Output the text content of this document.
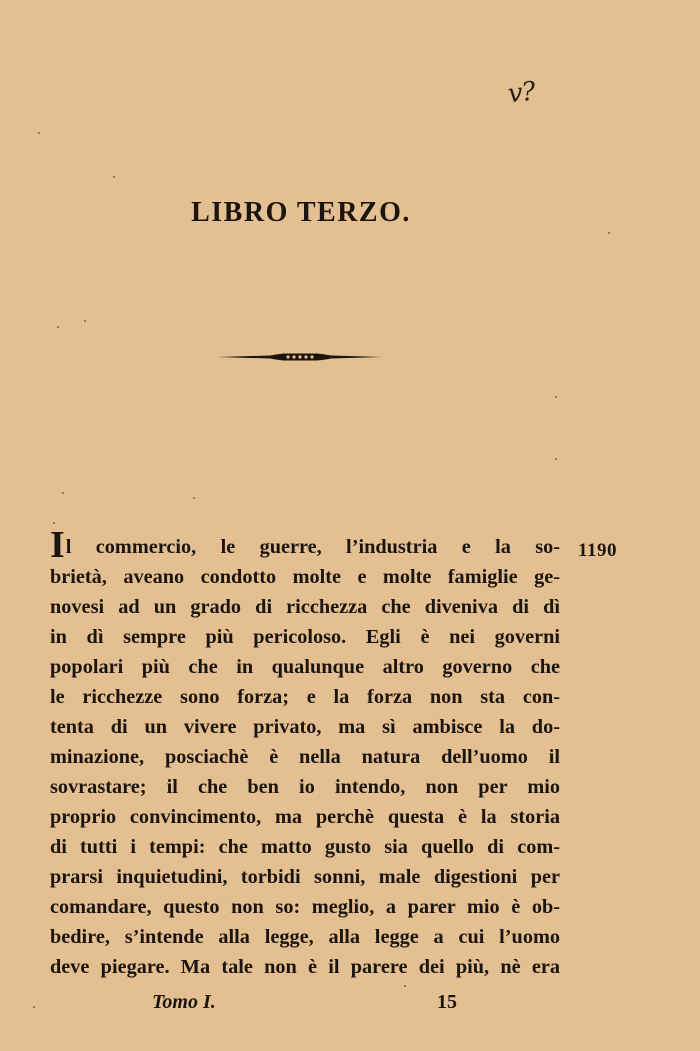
v?
LIBRO TERZO.
1190
Il commercio, le guerre, l’industria e la so-
brietà, aveano condotto molte e molte famiglie ge-
novesi ad un grado di ricchezza che diveniva di dì
in dì sempre più pericoloso. Egli è nei governi
popolari più che in qualunque altro governo che
le ricchezze sono forza; e la forza non sta con-
tenta di un vivere privato, ma sì ambisce la do-
minazione, posciachè è nella natura dell’uomo il
sovrastare; il che ben io intendo, non per mio
proprio convincimento, ma perchè questa è la storia
di tutti i tempi: che matto gusto sia quello di com-
prarsi inquietudini, torbidi sonni, male digestioni per
comandare, questo non so: meglio, a parer mio è ob-
bedire, s’intende alla legge, alla legge a cui l’uomo
deve piegare. Ma tale non è il parere dei più, nè era
Tomo I.	15
